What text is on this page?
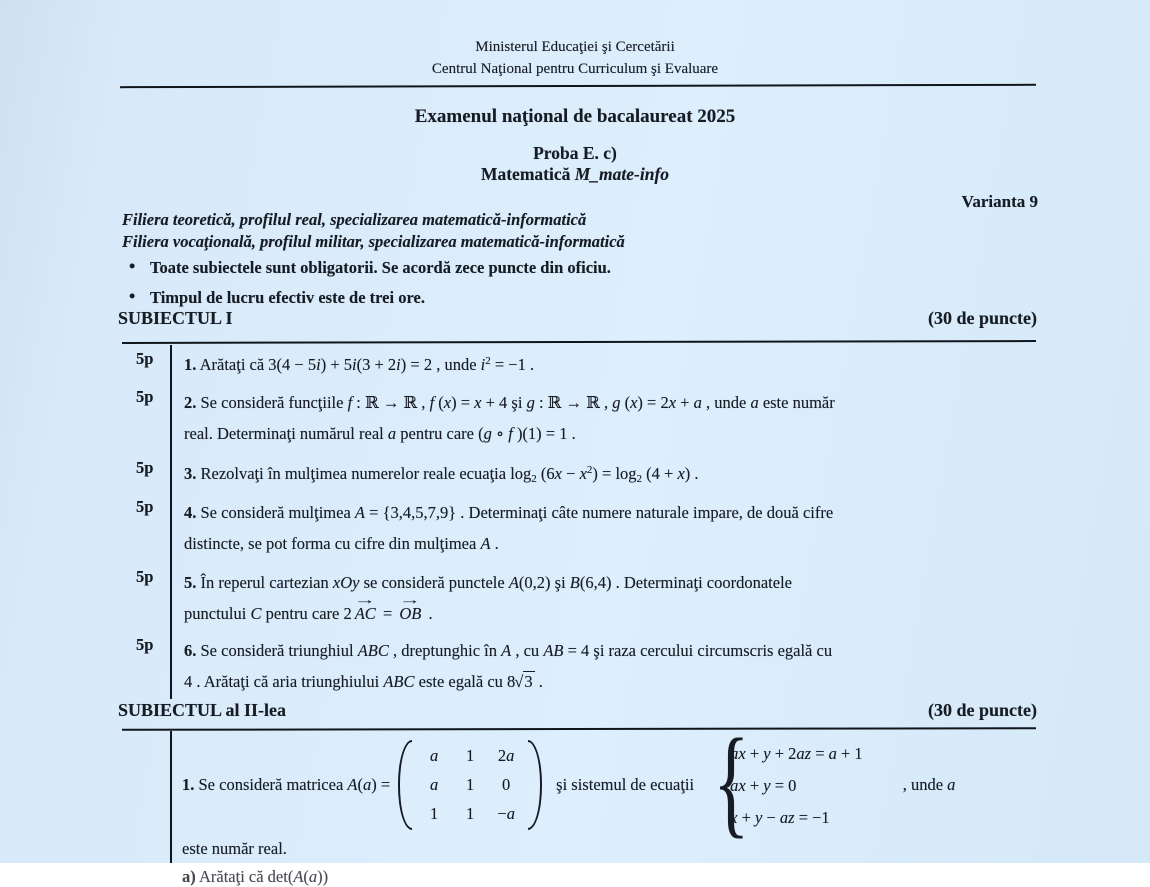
Ministerul Educaţiei şi Cercetării
Centrul Naţional pentru Curriculum şi Evaluare
Examenul naţional de bacalaureat 2025
Proba E. c)
Matematică M_mate-info
Varianta 9
Filiera teoretică, profilul real, specializarea matematică-informatică
Filiera vocaţională, profilul militar, specializarea matematică-informatică
• Toate subiectele sunt obligatorii. Se acordă zece puncte din oficiu.
• Timpul de lucru efectiv este de trei ore.
SUBIECTUL I	(30 de puncte)
5p	1. Arătaţi că 3(4 − 5i) + 5i(3 + 2i) = 2 , unde $i^2 = -1$ .
5p	2. Se consideră funcţiile f : ℝ → ℝ , f (x) = x + 4 şi g : ℝ → ℝ , g (x) = 2x + a , unde a este număr
real. Determinaţi numărul real a pentru care (g ∘ f )(1) = 1 .
5p	3. Rezolvaţi în mulţimea numerelor reale ecuaţia $\log_2 (6x - x^2) = \log_2 (4 + x)$ .
5p	4. Se consideră mulţimea A = {3,4,5,7,9} . Determinaţi câte numere naturale impare, de două cifre
distincte, se pot forma cu cifre din mulţimea A .
5p	5. În reperul cartezian xOy se consideră punctele A(0,2) şi B(6,4) . Determinaţi coordonatele
punctului C pentru care 2 AC → = OB → .
5p	6. Se consideră triunghiul ABC , dreptunghic în A , cu AB = 4 şi raza cercului circumscris egală cu
4 . Arătaţi că aria triunghiului ABC este egală cu 8√3 .
SUBIECTUL al II-lea	(30 de puncte)
1. Se consideră matricea A(a) =
a 1 2a
a 1 0
1 1 −a
şi sistemul de ecuaţii
{ ax + y + 2az = a + 1
ax + y = 0
x + y − az = −1
, unde a
este număr real.
a) Arătaţi că det(A(a))
